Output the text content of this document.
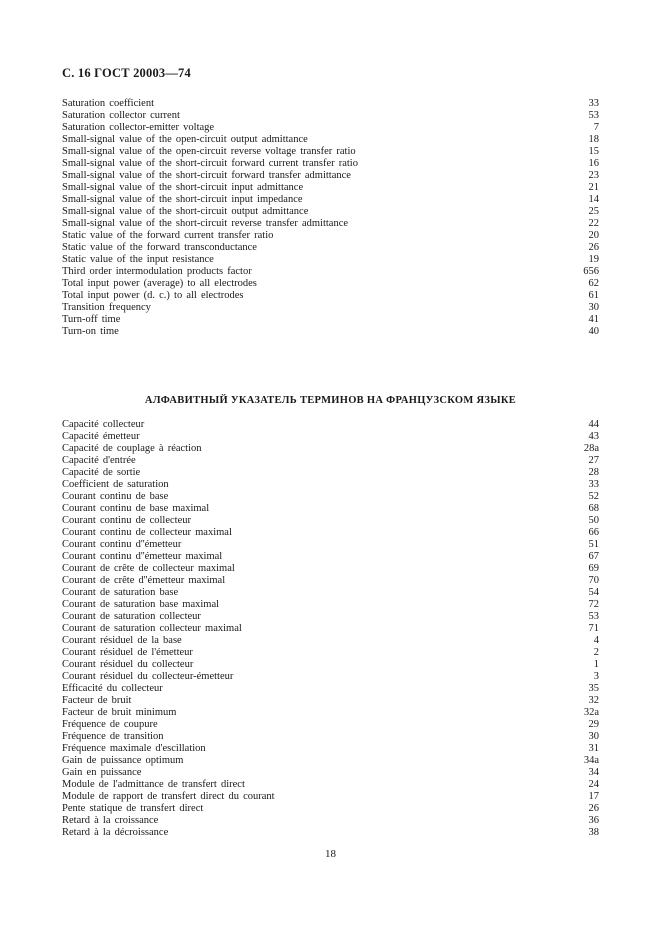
С. 16 ГОСТ 20003—74
Saturation coefficient	33
Saturation collector current	53
Saturation collector-emitter voltage	7
Small-signal value of the open-circuit output admittance	18
Small-signal value of the open-circuit reverse voltage transfer ratio	15
Small-signal value of the short-circuit forward current transfer ratio	16
Small-signal value of the short-circuit forward transfer admittance	23
Small-signal value of the short-circuit input admittance	21
Small-signal value of the short-circuit input impedance	14
Small-signal value of the short-circuit output admittance	25
Small-signal value of the short-circuit reverse transfer admittance	22
Static value of the forward current transfer ratio	20
Static value of the forward transconductance	26
Static value of the input resistance	19
Third order intermodulation products factor	656
Total input power (average) to all electrodes	62
Total input power (d. c.) to all electrodes	61
Transition frequency	30
Turn-off time	41
Turn-on time	40
АЛФАВИТНЫЙ УКАЗАТЕЛЬ ТЕРМИНОВ НА ФРАНЦУЗСКОМ ЯЗЫКЕ
Capacité collecteur	44
Capacité émetteur	43
Capacité de couplage à réaction	28a
Capacité d'entrée	27
Capacité de sortie	28
Coefficient de saturation	33
Courant continu de base	52
Courant continu de base maximal	68
Courant continu de collecteur	50
Courant continu de collecteur maximal	66
Courant continu d''émetteur	51
Courant continu d''émetteur maximal	67
Courant de crête de collecteur maximal	69
Courant de crête d''émetteur maximal	70
Courant de saturation base	54
Courant de saturation base maximal	72
Courant de saturation collecteur	53
Courant de saturation collecteur maximal	71
Courant résiduel de la base	4
Courant résiduel de l'émetteur	2
Courant résiduel du collecteur	1
Courant résiduel du collecteur-émetteur	3
Efficacité du collecteur	35
Facteur de bruit	32
Facteur de bruit minimum	32a
Fréquence de coupure	29
Fréquence de transition	30
Fréquence maximale d'escillation	31
Gain de puissance optimum	34a
Gain en puissance	34
Module de l'admittance de transfert direct	24
Module de rapport de transfert direct du courant	17
Pente statique de transfert direct	26
Retard à la croissance	36
Retard à la décroissance	38
18
